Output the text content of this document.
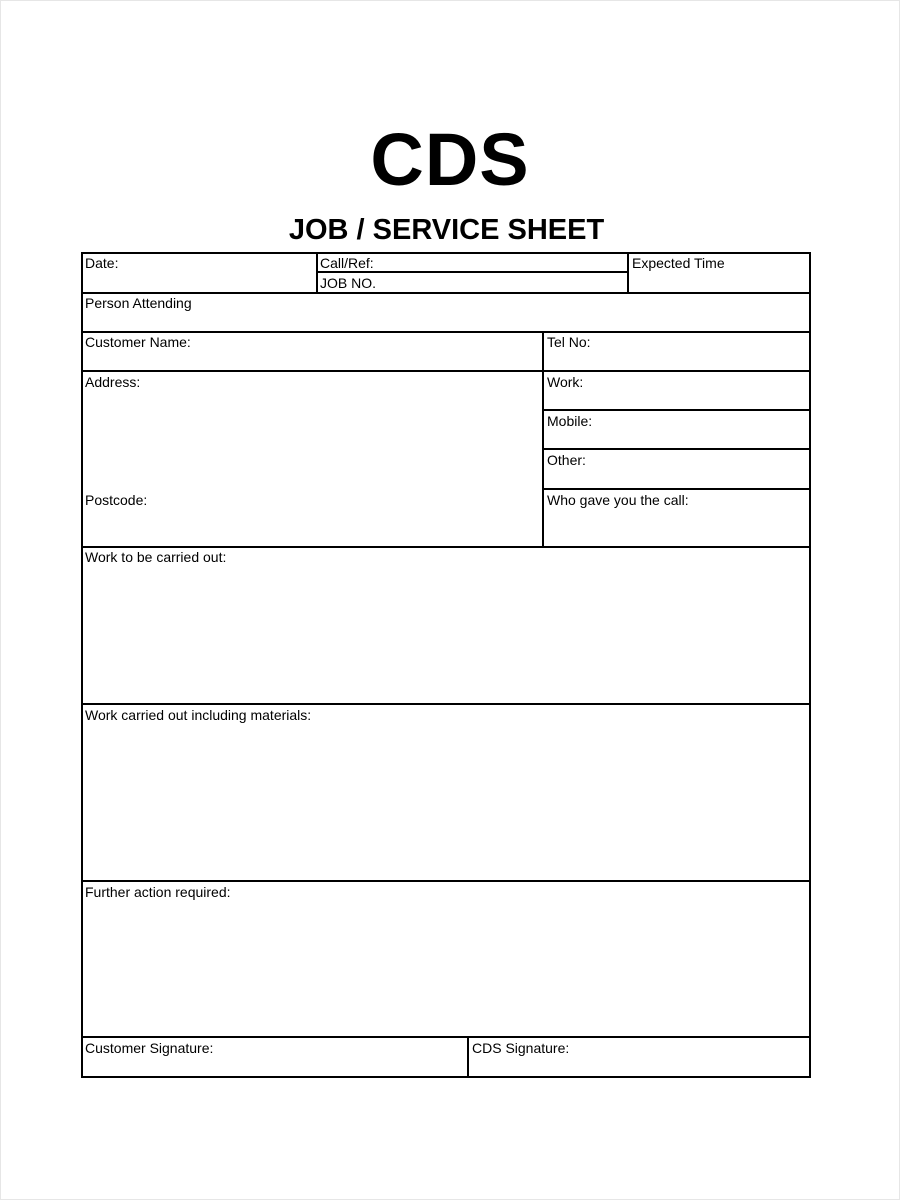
CDS
JOB / SERVICE SHEET
Date:	Call/Ref:
JOB NO.
Expected Time
Person Attending
Customer Name:	Tel No:
Address:	Work:
Mobile:
Other:
Postcode:	Who gave you the call:
Work to be carried out:
Work carried out including materials:
Further action required:
Customer Signature:	CDS Signature:
